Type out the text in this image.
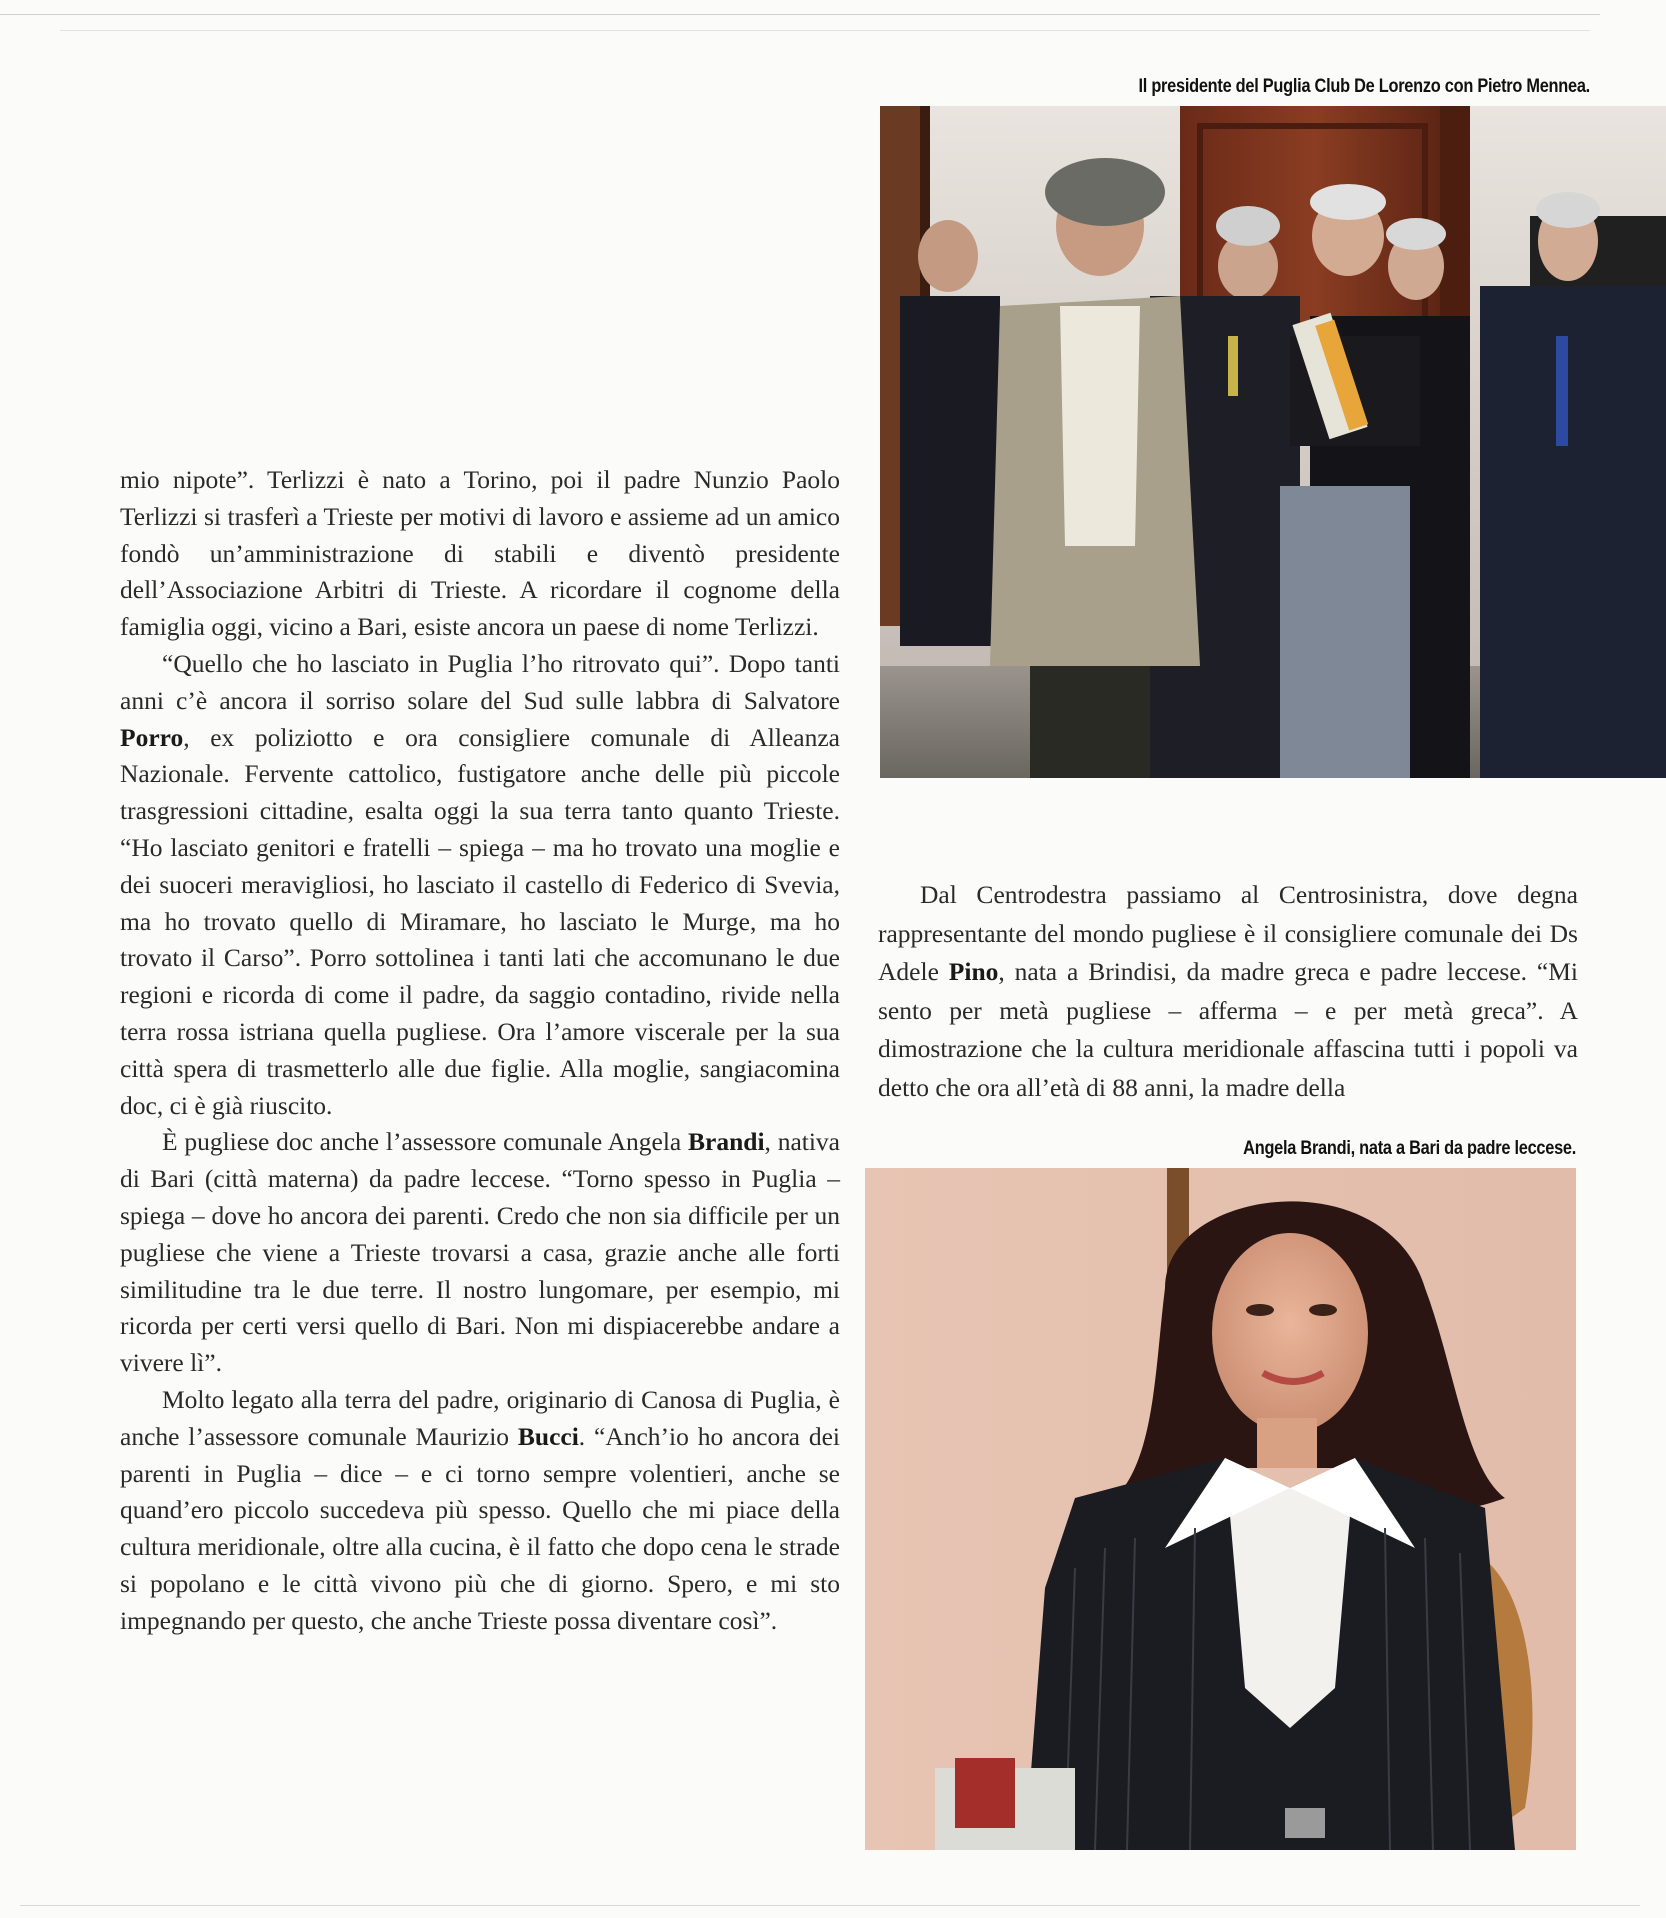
Il presidente del Puglia Club De Lorenzo con Pietro Mennea.

mio nipote”. Terlizzi è nato a Torino, poi il padre Nunzio Paolo Terlizzi si trasferì a Trieste per motivi di lavoro e assieme ad un amico fondò un’amministrazione di stabili e diventò presidente dell’Associazione Arbitri di Trieste. A ricordare il cognome della famiglia oggi, vicino a Bari, esiste ancora un paese di nome Terlizzi.

“Quello che ho lasciato in Puglia l’ho ritrovato qui”. Dopo tanti anni c’è ancora il sorriso solare del Sud sulle labbra di Salvatore Porro, ex poliziotto e ora consigliere comunale di Alleanza Nazionale. Fervente cattolico, fustigatore anche delle più piccole trasgressioni cittadine, esalta oggi la sua terra tanto quanto Trieste. “Ho lasciato genitori e fratelli – spiega – ma ho trovato una moglie e dei suoceri meravigliosi, ho lasciato il castello di Federico di Svevia, ma ho trovato quello di Miramare, ho lasciato le Murge, ma ho trovato il Carso”. Porro sottolinea i tanti lati che accomunano le due regioni e ricorda di come il padre, da saggio contadino, rivide nella terra rossa istriana quella pugliese. Ora l’amore viscerale per la sua città spera di trasmetterlo alle due figlie. Alla moglie, sangiacomina doc, ci è già riuscito.

È pugliese doc anche l’assessore comunale Angela Brandi, nativa di Bari (città materna) da padre leccese. “Torno spesso in Puglia – spiega – dove ho ancora dei parenti. Credo che non sia difficile per un pugliese che viene a Trieste trovarsi a casa, grazie anche alle forti similitudine tra le due terre. Il nostro lungomare, per esempio, mi ricorda per certi versi quello di Bari. Non mi dispiacerebbe andare a vivere lì”.

Molto legato alla terra del padre, originario di Canosa di Puglia, è anche l’assessore comunale Maurizio Bucci. “Anch’io ho ancora dei parenti in Puglia – dice – e ci torno sempre volentieri, anche se quand’ero piccolo succedeva più spesso. Quello che mi piace della cultura meridionale, oltre alla cucina, è il fatto che dopo cena le strade si popolano e le città vivono più che di giorno. Spero, e mi sto impegnando per questo, che anche Trieste possa diventare così”.

Dal Centrodestra passiamo al Centrosinistra, dove degna rappresentante del mondo pugliese è il consigliere comunale dei Ds Adele Pino, nata a Brindisi, da madre greca e padre leccese. “Mi sento per metà pugliese – afferma – e per metà greca”. A dimostrazione che la cultura meridionale affascina tutti i popoli va detto che ora all’età di 88 anni, la madre della

Angela Brandi, nata a Bari da padre leccese.
